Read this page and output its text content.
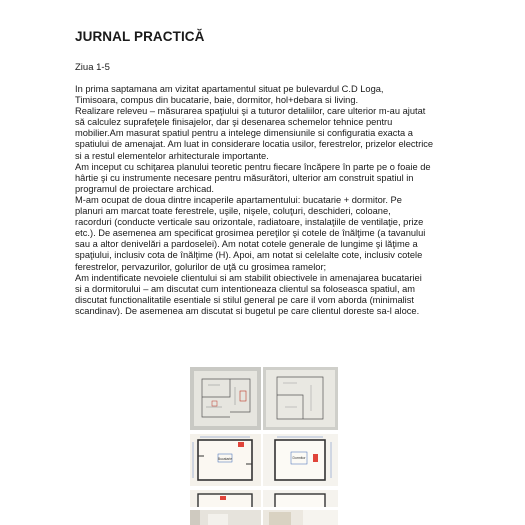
JURNAL PRACTICĂ
Ziua 1-5

In prima saptamana am vizitat apartamentul situat pe bulevardul C.D Loga,

Timisoara, compus din bucatarie, baie, dormitor, hol+debara si living.

Realizare releveu – măsurarea spaţiului şi a tuturor detaliilor, care ulterior m-au ajutat

să calculez suprafeţele finisajelor, dar şi desenarea schemelor tehnice pentru

mobilier.Am masurat spatiul pentru a intelege dimensiunile si configuratia exacta a

spatiului de amenajat. Am luat in considerare locatia usilor, ferestrelor, prizelor electrice

si a restul elementelor arhitecturale importante.

Am inceput cu schiţarea planului teoretic pentru fiecare încăpere în parte pe o foaie de

hârtie şi cu instrumente necesare pentru măsurători, ulterior am construit spatiul in

programul de proiectare archicad.

M-am ocupat de doua dintre incaperile apartamentului: bucatarie + dormitor. Pe

planuri am marcat toate ferestrele, uşile, nişele, coluţuri, deschideri, coloane,

racorduri (conducte verticale sau orizontale, radiatoare, instalaţiile de ventilaţie, prize

etc.). De asemenea am specificat grosimea pereţilor şi cotele de înălţime (a tavanului

sau a altor denivelări a pardoselei). Am notat cotele generale de lungime şi lăţime a

spaţiului, inclusiv cota de înălţime (H). Apoi, am notat si celelalte cote, inclusiv cotele

ferestrelor, pervazurilor, golurilor de uţă cu grosimea ramelor;

Am indentificate nevoiele clientului si am stabilit obiectivele in amenajarea bucatariei

si a dormitorului – am discutat cum intentioneaza clientul sa foloseasca spatiul, am

discutat functionalitatile esentiale si stilul general pe care il vom aborda (minimalist

scandinav). De asemenea am discutat si bugetul pe care clientul doreste sa-l aloce.

Bucatarie	Dormitor
